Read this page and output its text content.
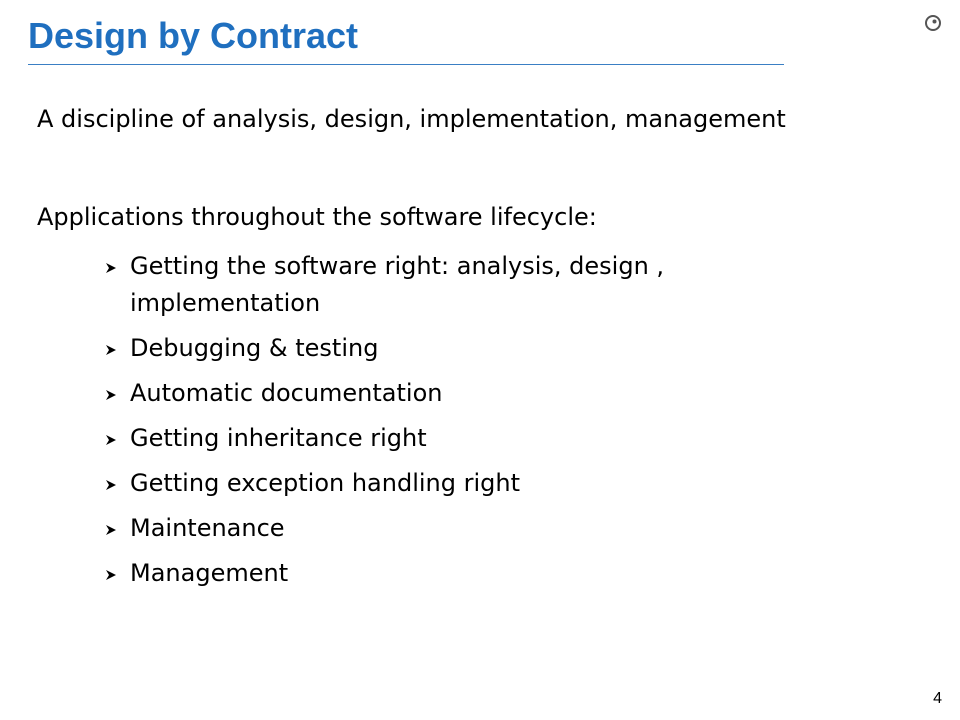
Design by Contract

A discipline of analysis, design, implementation, management

Applications throughout the software lifecycle:

Getting the software right: analysis, design , implementation
Debugging & testing
Automatic documentation
Getting inheritance right
Getting exception handling right
Maintenance
Management

4
